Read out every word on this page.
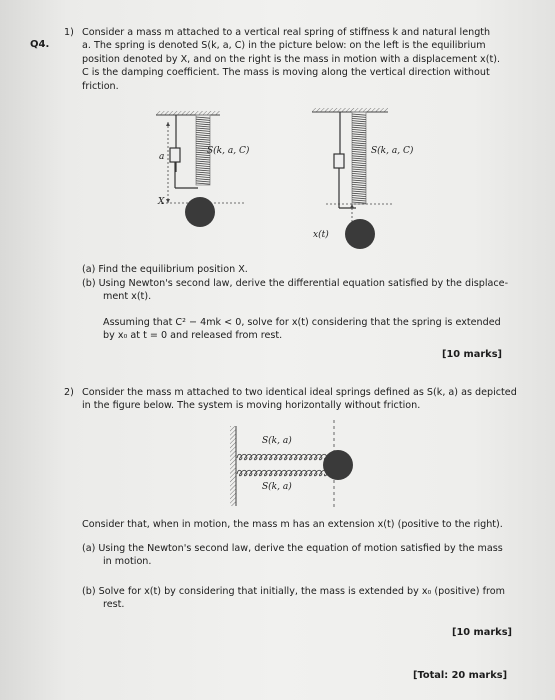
Q4.
1) Consider a mass m attached to a vertical real spring of stiffness k and natural length
a. The spring is denoted S(k, a, C) in the picture below: on the left is the equilibrium
position denoted by X, and on the right is the mass in motion with a displacement x(t).
C is the damping coefficient. The mass is moving along the vertical direction without
friction.
S(k, a, C)	S(k, a, C)
a
X
x(t)
(a) Find the equilibrium position X.
(b) Using Newton's second law, derive the differential equation satisfied by the displace-
ment x(t).
Assuming that C² − 4mk < 0, solve for x(t) considering that the spring is extended
by x₀ at t = 0 and released from rest.
[10 marks]
2) Consider the mass m attached to two identical ideal springs defined as S(k, a) as depicted
in the figure below. The system is moving horizontally without friction.
S(k, a)
S(k, a)
Consider that, when in motion, the mass m has an extension x(t) (positive to the right).
(a) Using the Newton's second law, derive the equation of motion satisfied by the mass
in motion.
(b) Solve for x(t) by considering that initially, the mass is extended by x₀ (positive) from
rest.
[10 marks]
[Total: 20 marks]
